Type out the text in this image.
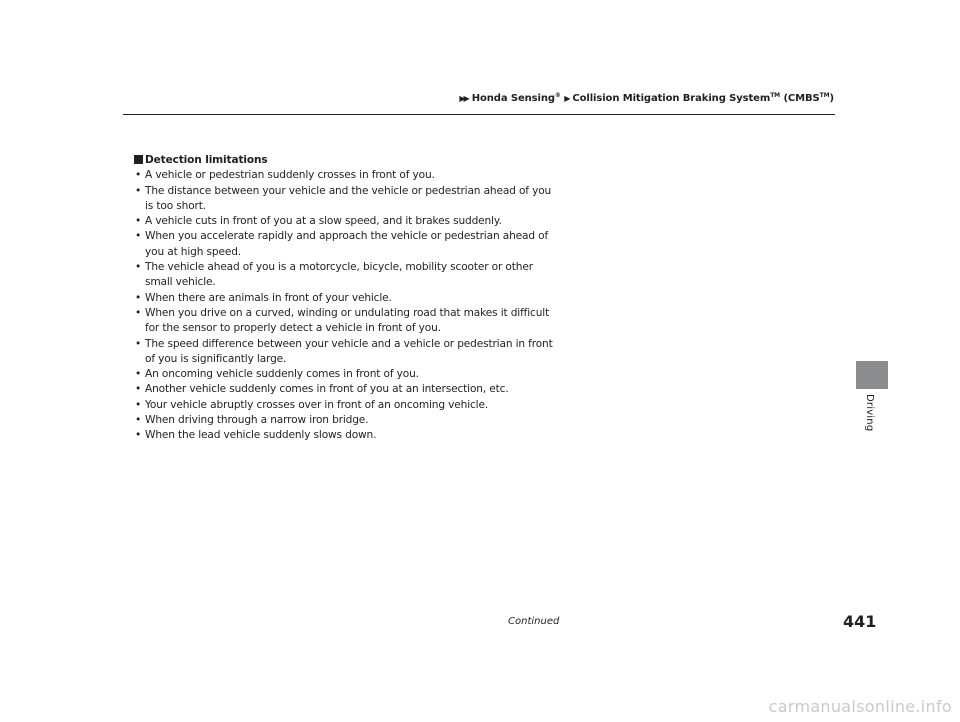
▶▶ Honda Sensing® ▶ Collision Mitigation Braking System™ (CMBS™)
Detection limitations
• A vehicle or pedestrian suddenly crosses in front of you.
• The distance between your vehicle and the vehicle or pedestrian ahead of you is too short.
• A vehicle cuts in front of you at a slow speed, and it brakes suddenly.
• When you accelerate rapidly and approach the vehicle or pedestrian ahead of you at high speed.
• The vehicle ahead of you is a motorcycle, bicycle, mobility scooter or other small vehicle.
• When there are animals in front of your vehicle.
• When you drive on a curved, winding or undulating road that makes it difficult for the sensor to properly detect a vehicle in front of you.
• The speed difference between your vehicle and a vehicle or pedestrian in front of you is significantly large.
• An oncoming vehicle suddenly comes in front of you.
• Another vehicle suddenly comes in front of you at an intersection, etc.
• Your vehicle abruptly crosses over in front of an oncoming vehicle.
• When driving through a narrow iron bridge.
• When the lead vehicle suddenly slows down.
Driving
Continued	441
carmanualsonline.info
